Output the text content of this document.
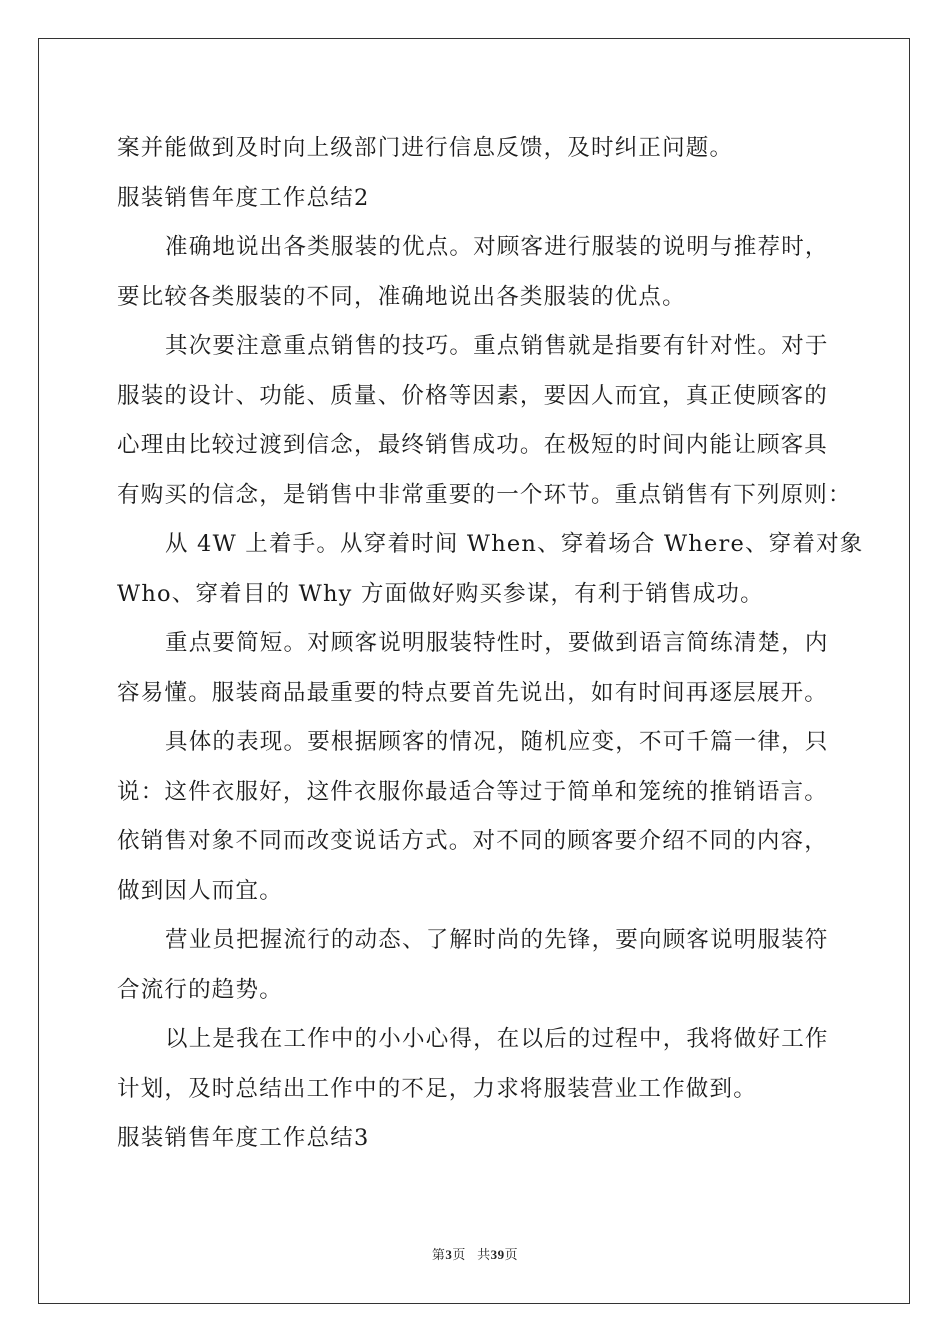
案并能做到及时向上级部门进行信息反馈，及时纠正问题。
服装销售年度工作总结2
准确地说出各类服装的优点。对顾客进行服装的说明与推荐时，
要比较各类服装的不同，准确地说出各类服装的优点。
其次要注意重点销售的技巧。重点销售就是指要有针对性。对于
服装的设计、功能、质量、价格等因素，要因人而宜，真正使顾客的
心理由比较过渡到信念，最终销售成功。在极短的时间内能让顾客具
有购买的信念，是销售中非常重要的一个环节。重点销售有下列原则：
从 4W 上着手。从穿着时间 When、穿着场合 Where、穿着对象
Who、穿着目的 Why 方面做好购买参谋，有利于销售成功。
重点要简短。对顾客说明服装特性时，要做到语言简练清楚，内
容易懂。服装商品最重要的特点要首先说出，如有时间再逐层展开。
具体的表现。要根据顾客的情况，随机应变，不可千篇一律，只
说：这件衣服好，这件衣服你最适合等过于简单和笼统的推销语言。
依销售对象不同而改变说话方式。对不同的顾客要介绍不同的内容，
做到因人而宜。
营业员把握流行的动态、了解时尚的先锋，要向顾客说明服装符
合流行的趋势。
以上是我在工作中的小小心得，在以后的过程中，我将做好工作
计划，及时总结出工作中的不足，力求将服装营业工作做到。
服装销售年度工作总结3
第3页 共39页
